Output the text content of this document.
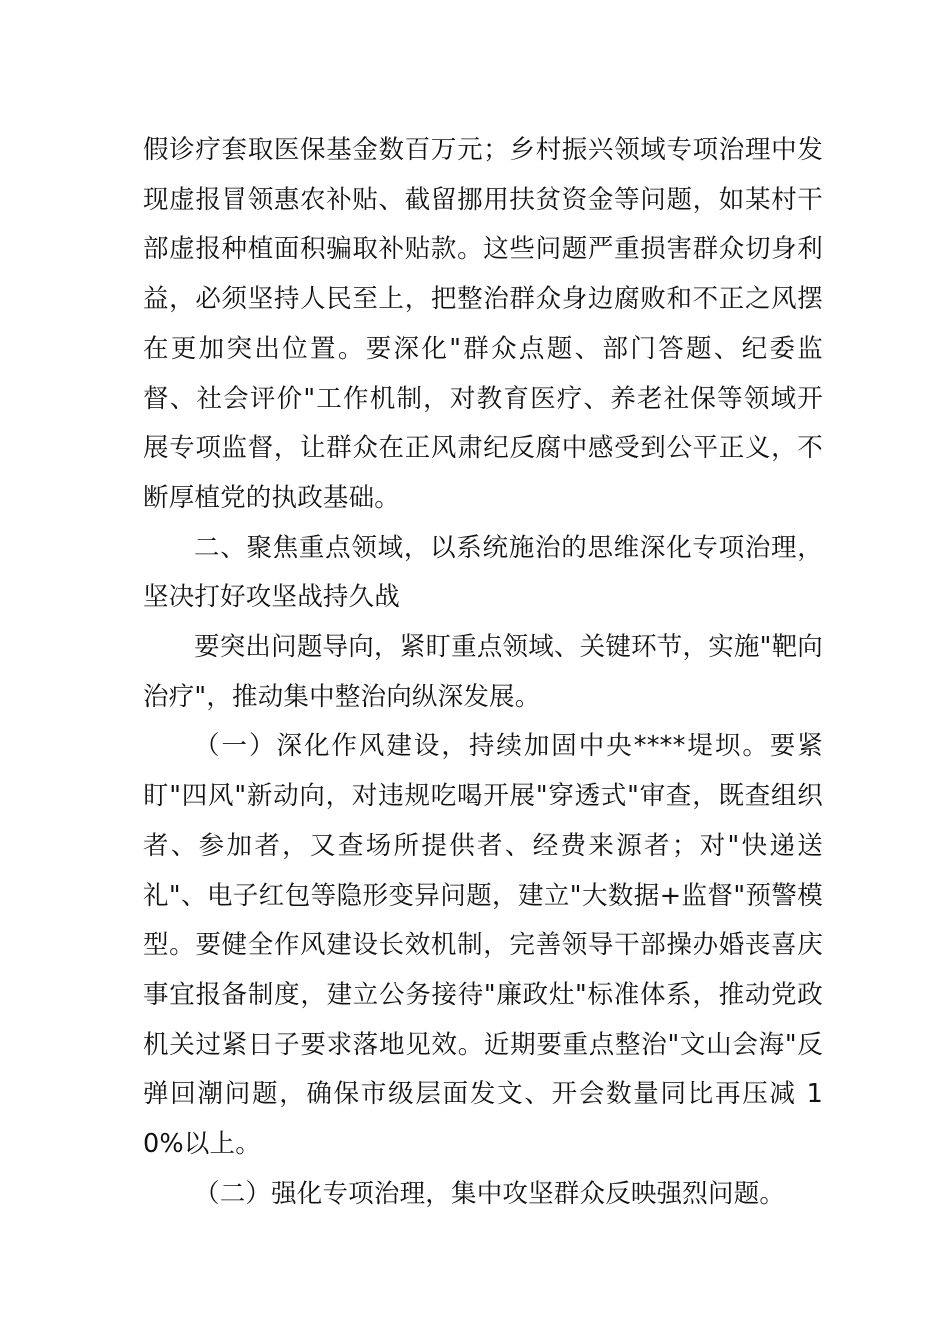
假诊疗套取医保基金数百万元；乡村振兴领域专项治理中发现虚报冒领惠农补贴、截留挪用扶贫资金等问题，如某村干部虚报种植面积骗取补贴款。这些问题严重损害群众切身利益，必须坚持人民至上，把整治群众身边腐败和不正之风摆在更加突出位置。要深化"群众点题、部门答题、纪委监督、社会评价"工作机制，对教育医疗、养老社保等领域开展专项监督，让群众在正风肃纪反腐中感受到公平正义，不断厚植党的执政基础。

二、聚焦重点领域，以系统施治的思维深化专项治理，坚决打好攻坚战持久战

要突出问题导向，紧盯重点领域、关键环节，实施"靶向治疗"，推动集中整治向纵深发展。

（一）深化作风建设，持续加固中央****堤坝。要紧盯"四风"新动向，对违规吃喝开展"穿透式"审查，既查组织者、参加者，又查场所提供者、经费来源者；对"快递送礼"、电子红包等隐形变异问题，建立"大数据+监督"预警模型。要健全作风建设长效机制，完善领导干部操办婚丧喜庆事宜报备制度，建立公务接待"廉政灶"标准体系，推动党政机关过紧日子要求落地见效。近期要重点整治"文山会海"反弹回潮问题，确保市级层面发文、开会数量同比再压减 10%以上。

（二）强化专项治理，集中攻坚群众反映强烈问题。
